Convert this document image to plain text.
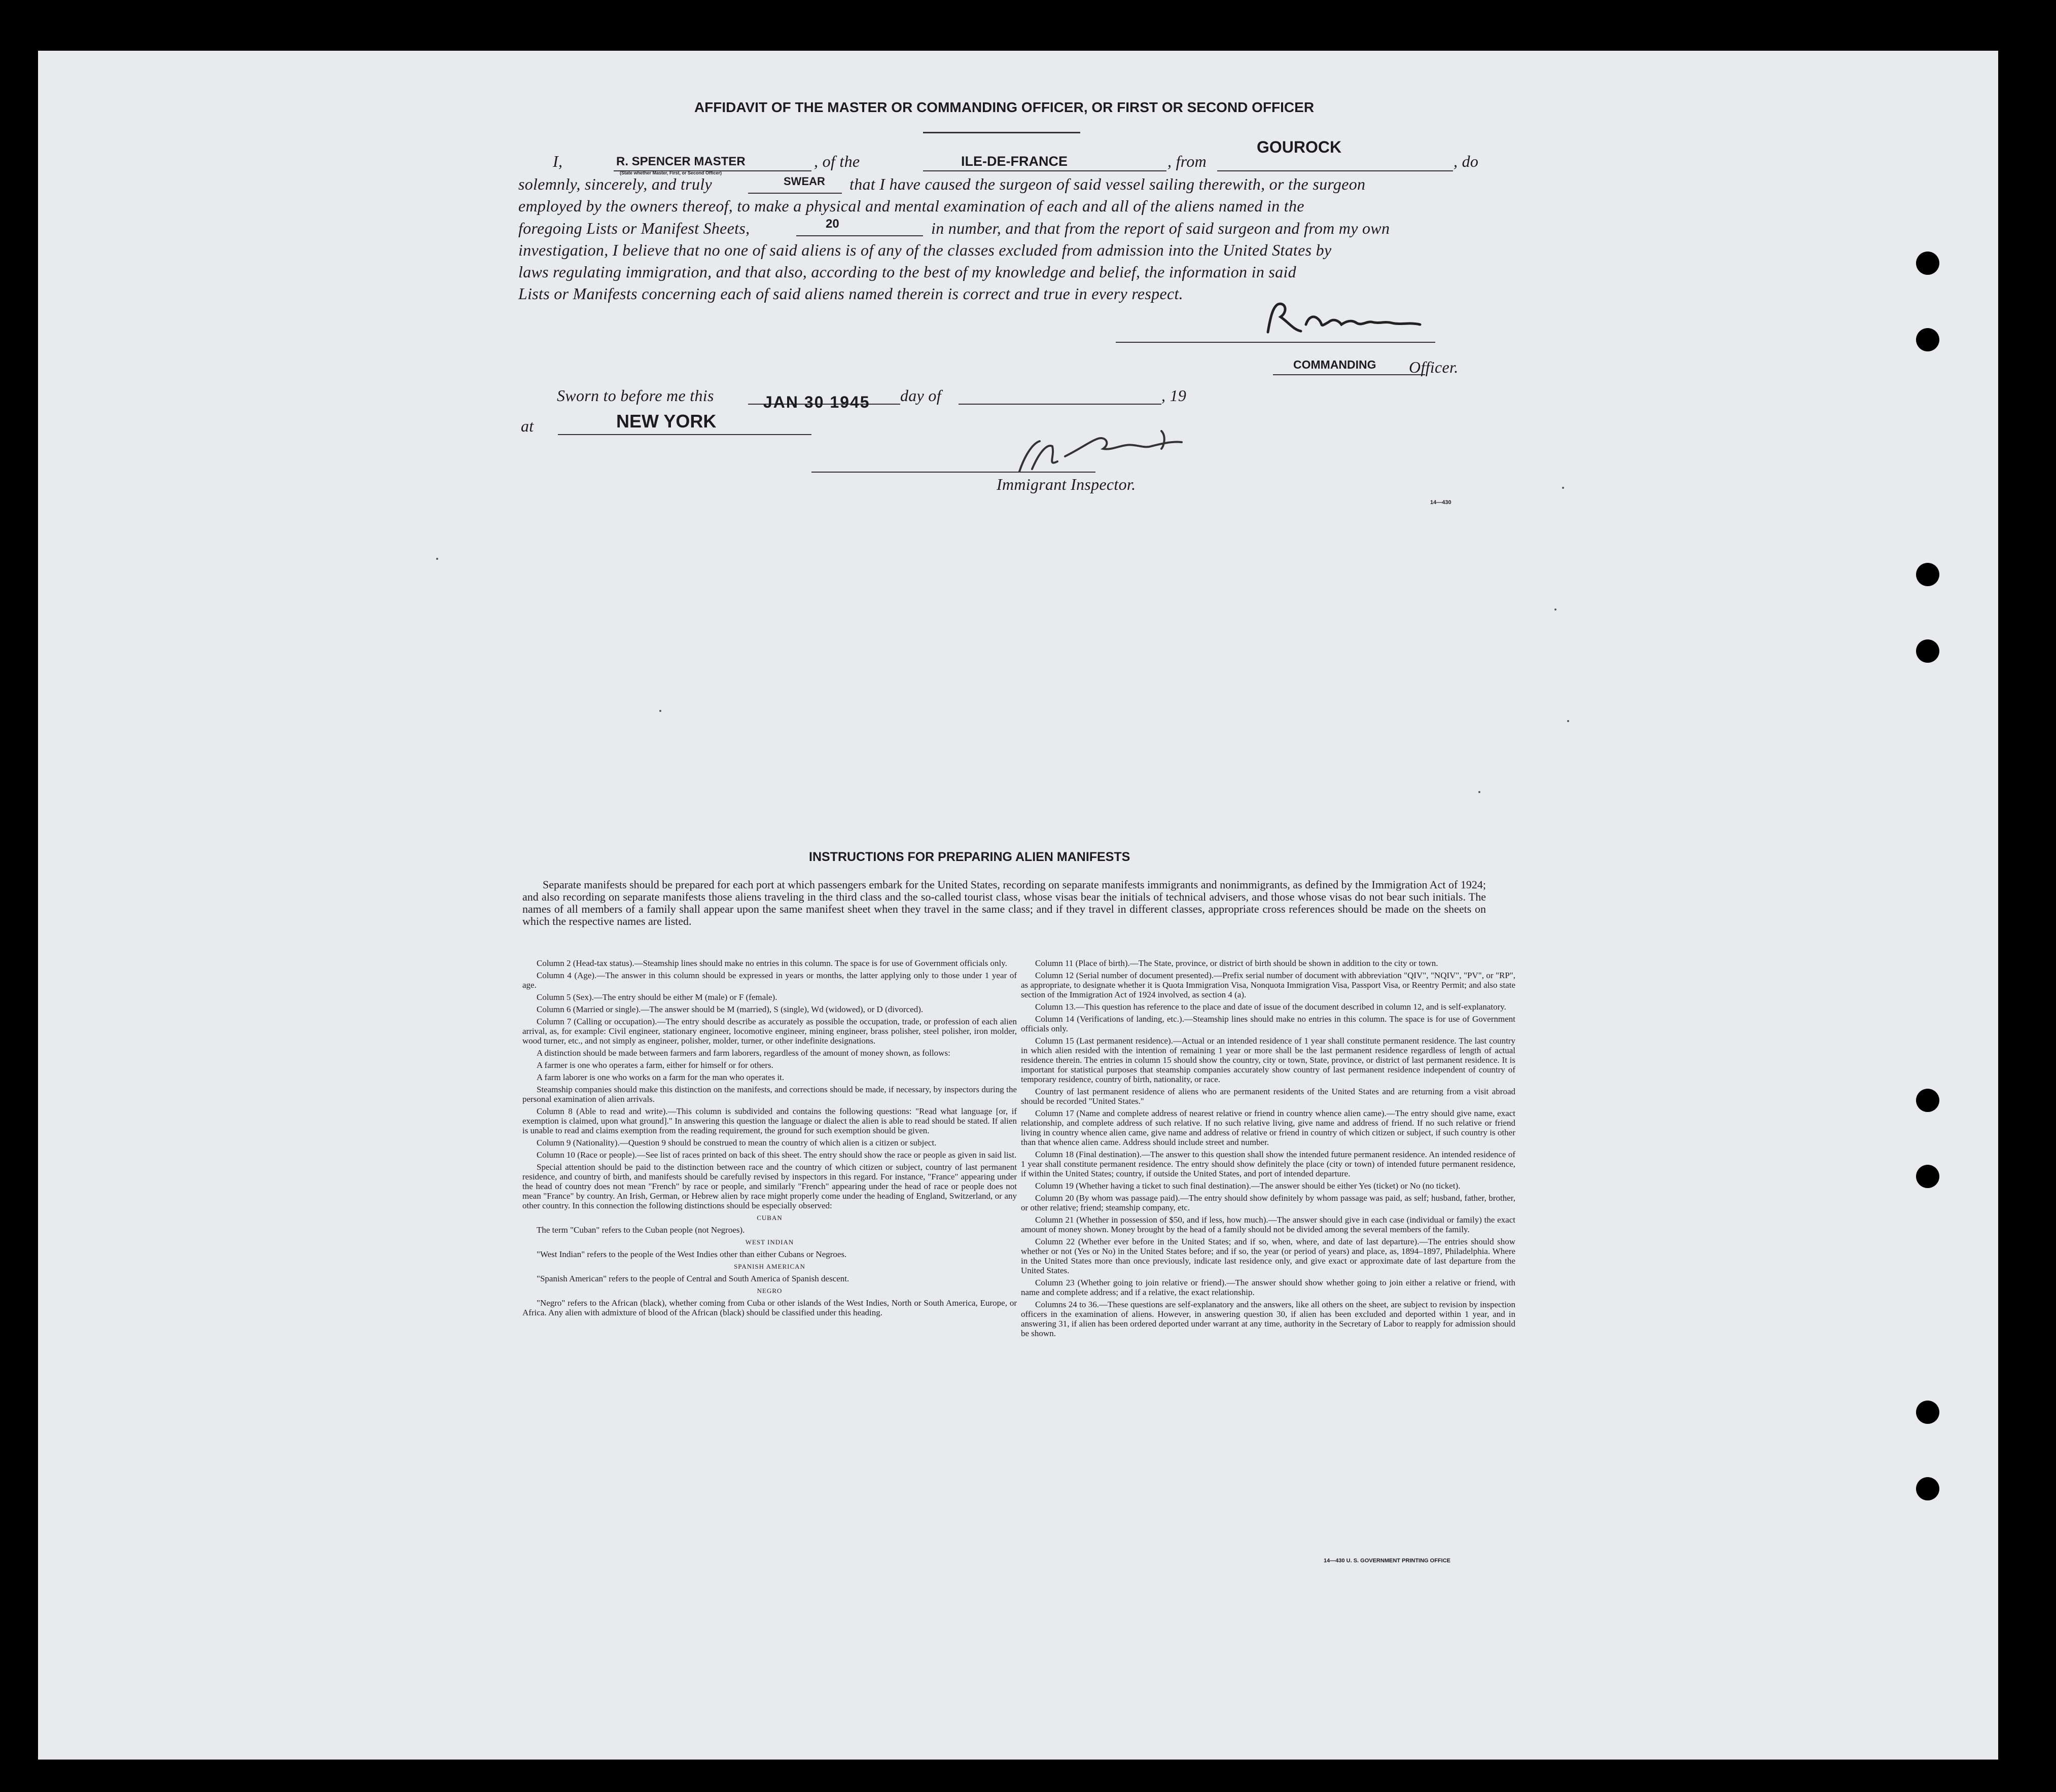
AFFIDAVIT OF THE MASTER OR COMMANDING OFFICER, OR FIRST OR SECOND OFFICER
I,	R. SPENCER MASTER
(State whether Master, First, or Second Officer)
, of the	ILE-DE-FRANCE	, from
GOUROCK
, do
solemnly, sincerely, and truly	SWEAR that I have caused the surgeon of said vessel sailing therewith, or the surgeon
employed by the owners thereof, to make a physical and mental examination of each and all of the aliens named in the
foregoing Lists or Manifest Sheets,	20	in number, and that from the report of said surgeon and from my own
investigation, I believe that no one of said aliens is of any of the classes excluded from admission into the United States by
laws regulating immigration, and that also, according to the best of my knowledge and belief, the information in said
Lists or Manifests concerning each of said aliens named therein is correct and true in every respect.
COMMANDING Officer.
Sworn to before me this	JAN 30 1945 day of	, 19
at	NEW YORK
Immigrant Inspector.
14—430
INSTRUCTIONS FOR PREPARING ALIEN MANIFESTS
Separate manifests should be prepared for each port at which passengers embark for the United States, recording on separate manifests immigrants and nonimmigrants, as defined by the Immigration Act of 1924; and also recording on separate manifests those aliens traveling in the third class and the so-called tourist class, whose visas bear the initials of technical advisers, and those whose visas do not bear such initials. The names of all members of a family shall appear upon the same manifest sheet when they travel in the same class; and if they travel in different classes, appropriate cross references should be made on the sheets on which the respective names are listed.

Column 2 (Head-tax status).—Steamship lines should make no entries in this column. The space is for use of Government officials only.

Column 4 (Age).—The answer in this column should be expressed in years or months, the latter applying only to those under 1 year of age.

Column 5 (Sex).—The entry should be either M (male) or F (female).

Column 6 (Married or single).—The answer should be M (married), S (single), Wd (widowed), or D (divorced).

Column 7 (Calling or occupation).—The entry should describe as accurately as possible the occupation, trade, or profession of each alien arrival, as, for example: Civil engineer, stationary engineer, locomotive engineer, mining engineer, brass polisher, steel polisher, iron molder, wood turner, etc., and not simply as engineer, polisher, molder, turner, or other indefinite designations.

A distinction should be made between farmers and farm laborers, regardless of the amount of money shown, as follows:

A farmer is one who operates a farm, either for himself or for others.

A farm laborer is one who works on a farm for the man who operates it.

Steamship companies should make this distinction on the manifests, and corrections should be made, if necessary, by inspectors during the personal examination of alien arrivals.

Column 8 (Able to read and write).—This column is subdivided and contains the following questions: "Read what language [or, if exemption is claimed, upon what ground]." In answering this question the language or dialect the alien is able to read should be stated. If alien is unable to read and claims exemption from the reading requirement, the ground for such exemption should be given.

Column 9 (Nationality).—Question 9 should be construed to mean the country of which alien is a citizen or subject.

Column 10 (Race or people).—See list of races printed on back of this sheet. The entry should show the race or people as given in said list.

Special attention should be paid to the distinction between race and the country of which citizen or subject, country of last permanent residence, and country of birth, and manifests should be carefully revised by inspectors in this regard. For instance, "France" appearing under the head of country does not mean "French" by race or people, and similarly "French" appearing under the head of race or people does not mean "France" by country. An Irish, German, or Hebrew alien by race might properly come under the heading of England, Switzerland, or any other country. In this connection the following distinctions should be especially observed:

CUBAN

The term "Cuban" refers to the Cuban people (not Negroes).

WEST INDIAN

"West Indian" refers to the people of the West Indies other than either Cubans or Negroes.

SPANISH AMERICAN

"Spanish American" refers to the people of Central and South America of Spanish descent.

NEGRO

"Negro" refers to the African (black), whether coming from Cuba or other islands of the West Indies, North or South America, Europe, or Africa. Any alien with admixture of blood of the African (black) should be classified under this heading.

Column 11 (Place of birth).—The State, province, or district of birth should be shown in addition to the city or town.

Column 12 (Serial number of document presented).—Prefix serial number of document with abbreviation "QIV", "NQIV", "PV", or "RP", as appropriate, to designate whether it is Quota Immigration Visa, Nonquota Immigration Visa, Passport Visa, or Reentry Permit; and also state section of the Immigration Act of 1924 involved, as section 4 (a).

Column 13.—This question has reference to the place and date of issue of the document described in column 12, and is self-explanatory.

Column 14 (Verifications of landing, etc.).—Steamship lines should make no entries in this column. The space is for use of Government officials only.

Column 15 (Last permanent residence).—Actual or an intended residence of 1 year shall constitute permanent residence. The last country in which alien resided with the intention of remaining 1 year or more shall be the last permanent residence regardless of length of actual residence therein. The entries in column 15 should show the country, city or town, State, province, or district of last permanent residence. It is important for statistical purposes that steamship companies accurately show country of last permanent residence independent of country of temporary residence, country of birth, nationality, or race.

Country of last permanent residence of aliens who are permanent residents of the United States and are returning from a visit abroad should be recorded "United States."

Column 17 (Name and complete address of nearest relative or friend in country whence alien came).—The entry should give name, exact relationship, and complete address of such relative. If no such relative living, give name and address of friend. If no such relative or friend living in country whence alien came, give name and address of relative or friend in country of which citizen or subject, if such country is other than that whence alien came. Address should include street and number.

Column 18 (Final destination).—The answer to this question shall show the intended future permanent residence. An intended residence of 1 year shall constitute permanent residence. The entry should show definitely the place (city or town) of intended future permanent residence, if within the United States; country, if outside the United States, and port of intended departure.

Column 19 (Whether having a ticket to such final destination).—The answer should be either Yes (ticket) or No (no ticket).

Column 20 (By whom was passage paid).—The entry should show definitely by whom passage was paid, as self; husband, father, brother, or other relative; friend; steamship company, etc.

Column 21 (Whether in possession of $50, and if less, how much).—The answer should give in each case (individual or family) the exact amount of money shown. Money brought by the head of a family should not be divided among the several members of the family.

Column 22 (Whether ever before in the United States; and if so, when, where, and date of last departure).—The entries should show whether or not (Yes or No) in the United States before; and if so, the year (or period of years) and place, as, 1894–1897, Philadelphia. Where in the United States more than once previously, indicate last residence only, and give exact or approximate date of last departure from the United States.

Column 23 (Whether going to join relative or friend).—The answer should show whether going to join either a relative or friend, with name and complete address; and if a relative, the exact relationship.

Columns 24 to 36.—These questions are self-explanatory and the answers, like all others on the sheet, are subject to revision by inspection officers in the examination of aliens. However, in answering question 30, if alien has been excluded and deported within 1 year, and in answering 31, if alien has been ordered deported under warrant at any time, authority in the Secretary of Labor to reapply for admission should be shown.

14—430 U. S. GOVERNMENT PRINTING OFFICE
